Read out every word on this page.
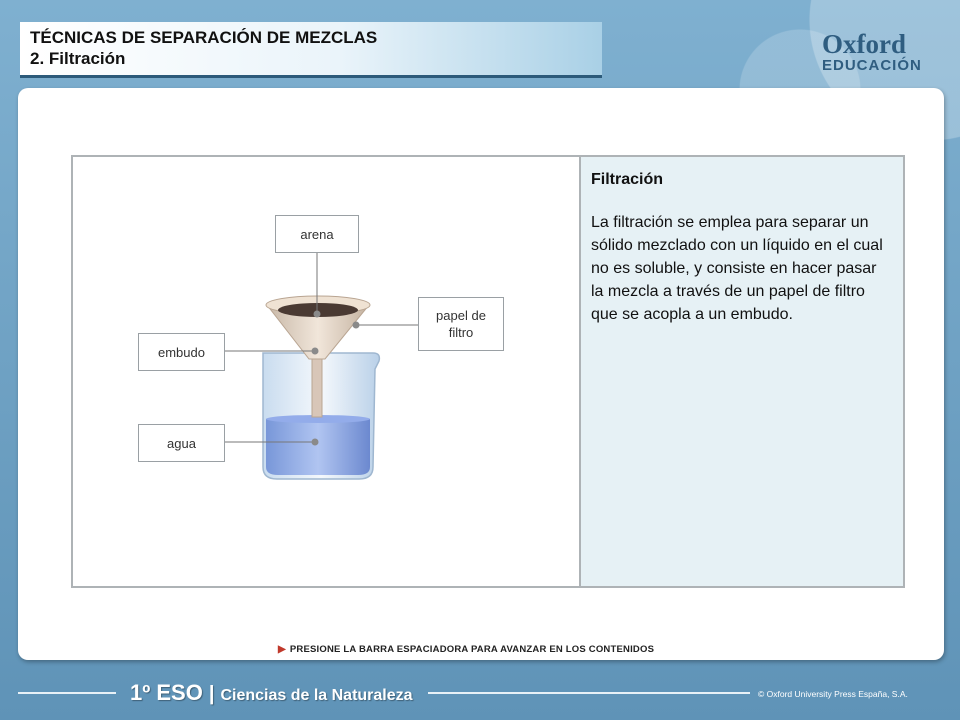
TÉCNICAS DE SEPARACIÓN DE MEZCLAS
2. Filtración	Oxford
EDUCACIÓN
arena
papel de filtro
embudo
agua
Filtración
La filtración se emplea para separar un sólido mezclado con un líquido en el cual no es soluble, y consiste en hacer pasar la mezcla a través de un papel de filtro que se acopla a un embudo.
▶ PRESIONE LA BARRA ESPACIADORA PARA AVANZAR EN LOS CONTENIDOS
1º ESO | Ciencias de la Naturaleza	© Oxford University Press España, S.A.
